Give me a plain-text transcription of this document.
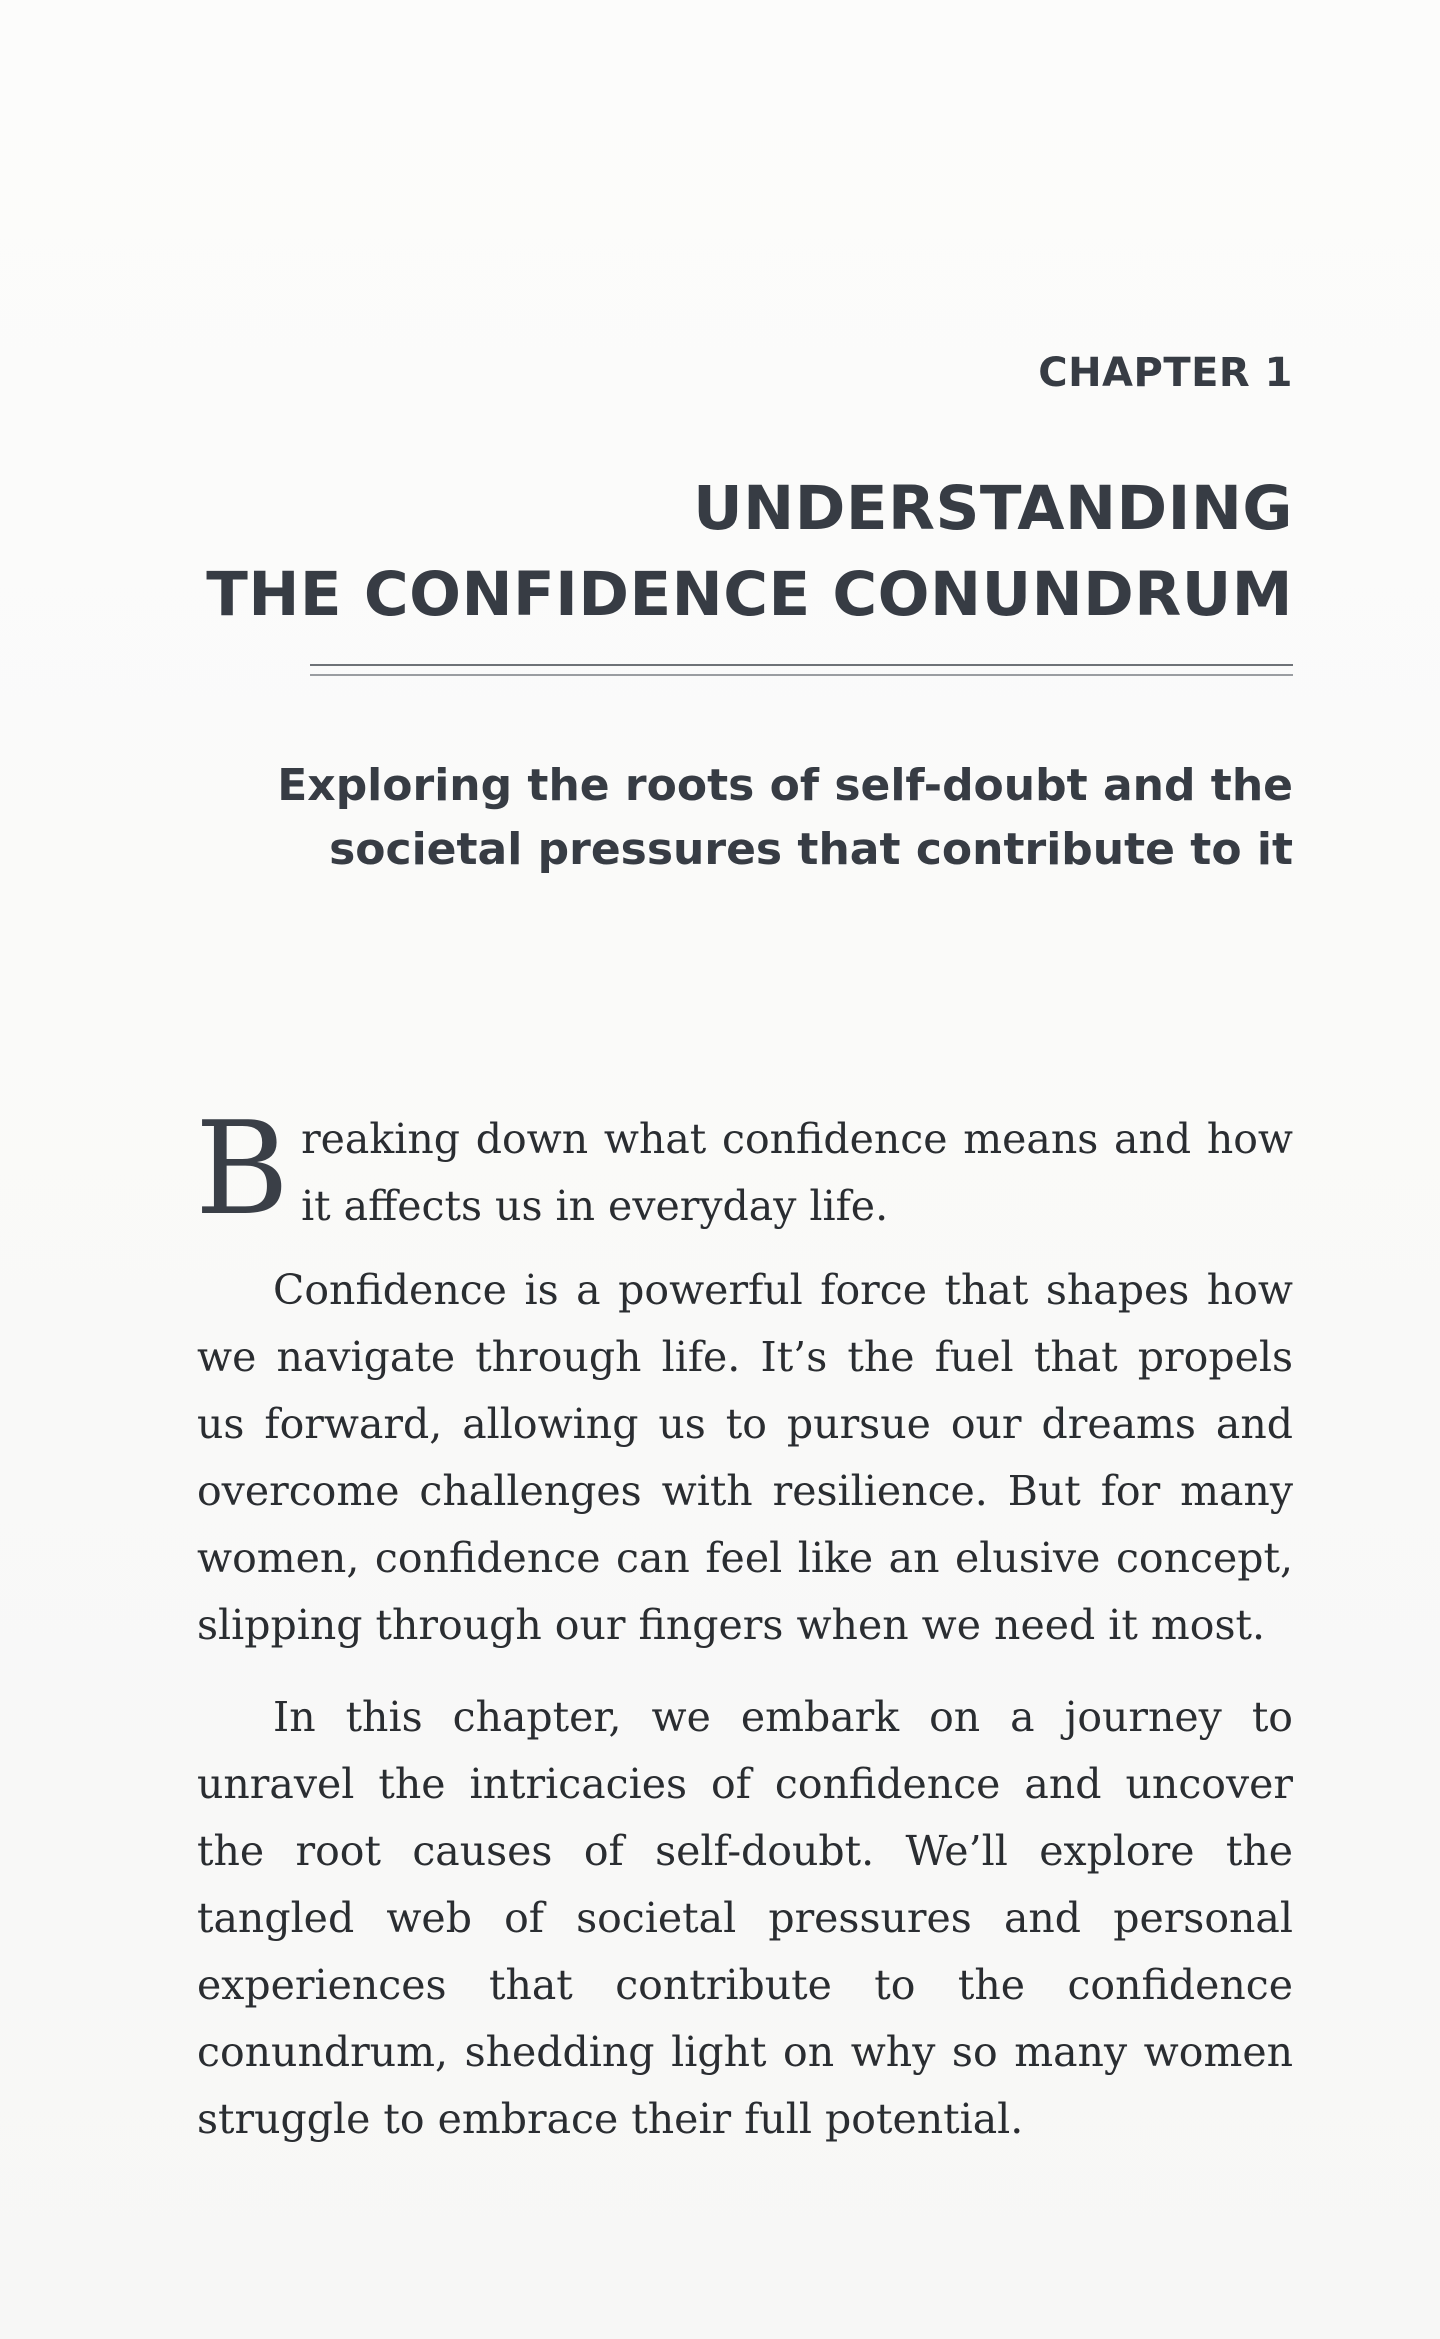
CHAPTER 1
UNDERSTANDING
THE CONFIDENCE CONUNDRUM
Exploring the roots of self-doubt and the
societal pressures that contribute to it
B reaking down what confidence means and how it affects us in everyday life.

Confidence is a powerful force that shapes how we navigate through life. It’s the fuel that propels us forward, allowing us to pursue our dreams and overcome challenges with resilience. But for many women, confidence can feel like an elusive concept, slipping through our fingers when we need it most.

In this chapter, we embark on a journey to unravel the intricacies of confidence and uncover the root causes of self-doubt. We’ll explore the tangled web of societal pressures and personal experiences that contribute to the confidence conundrum, shedding light on why so many women struggle to embrace their full potential.
